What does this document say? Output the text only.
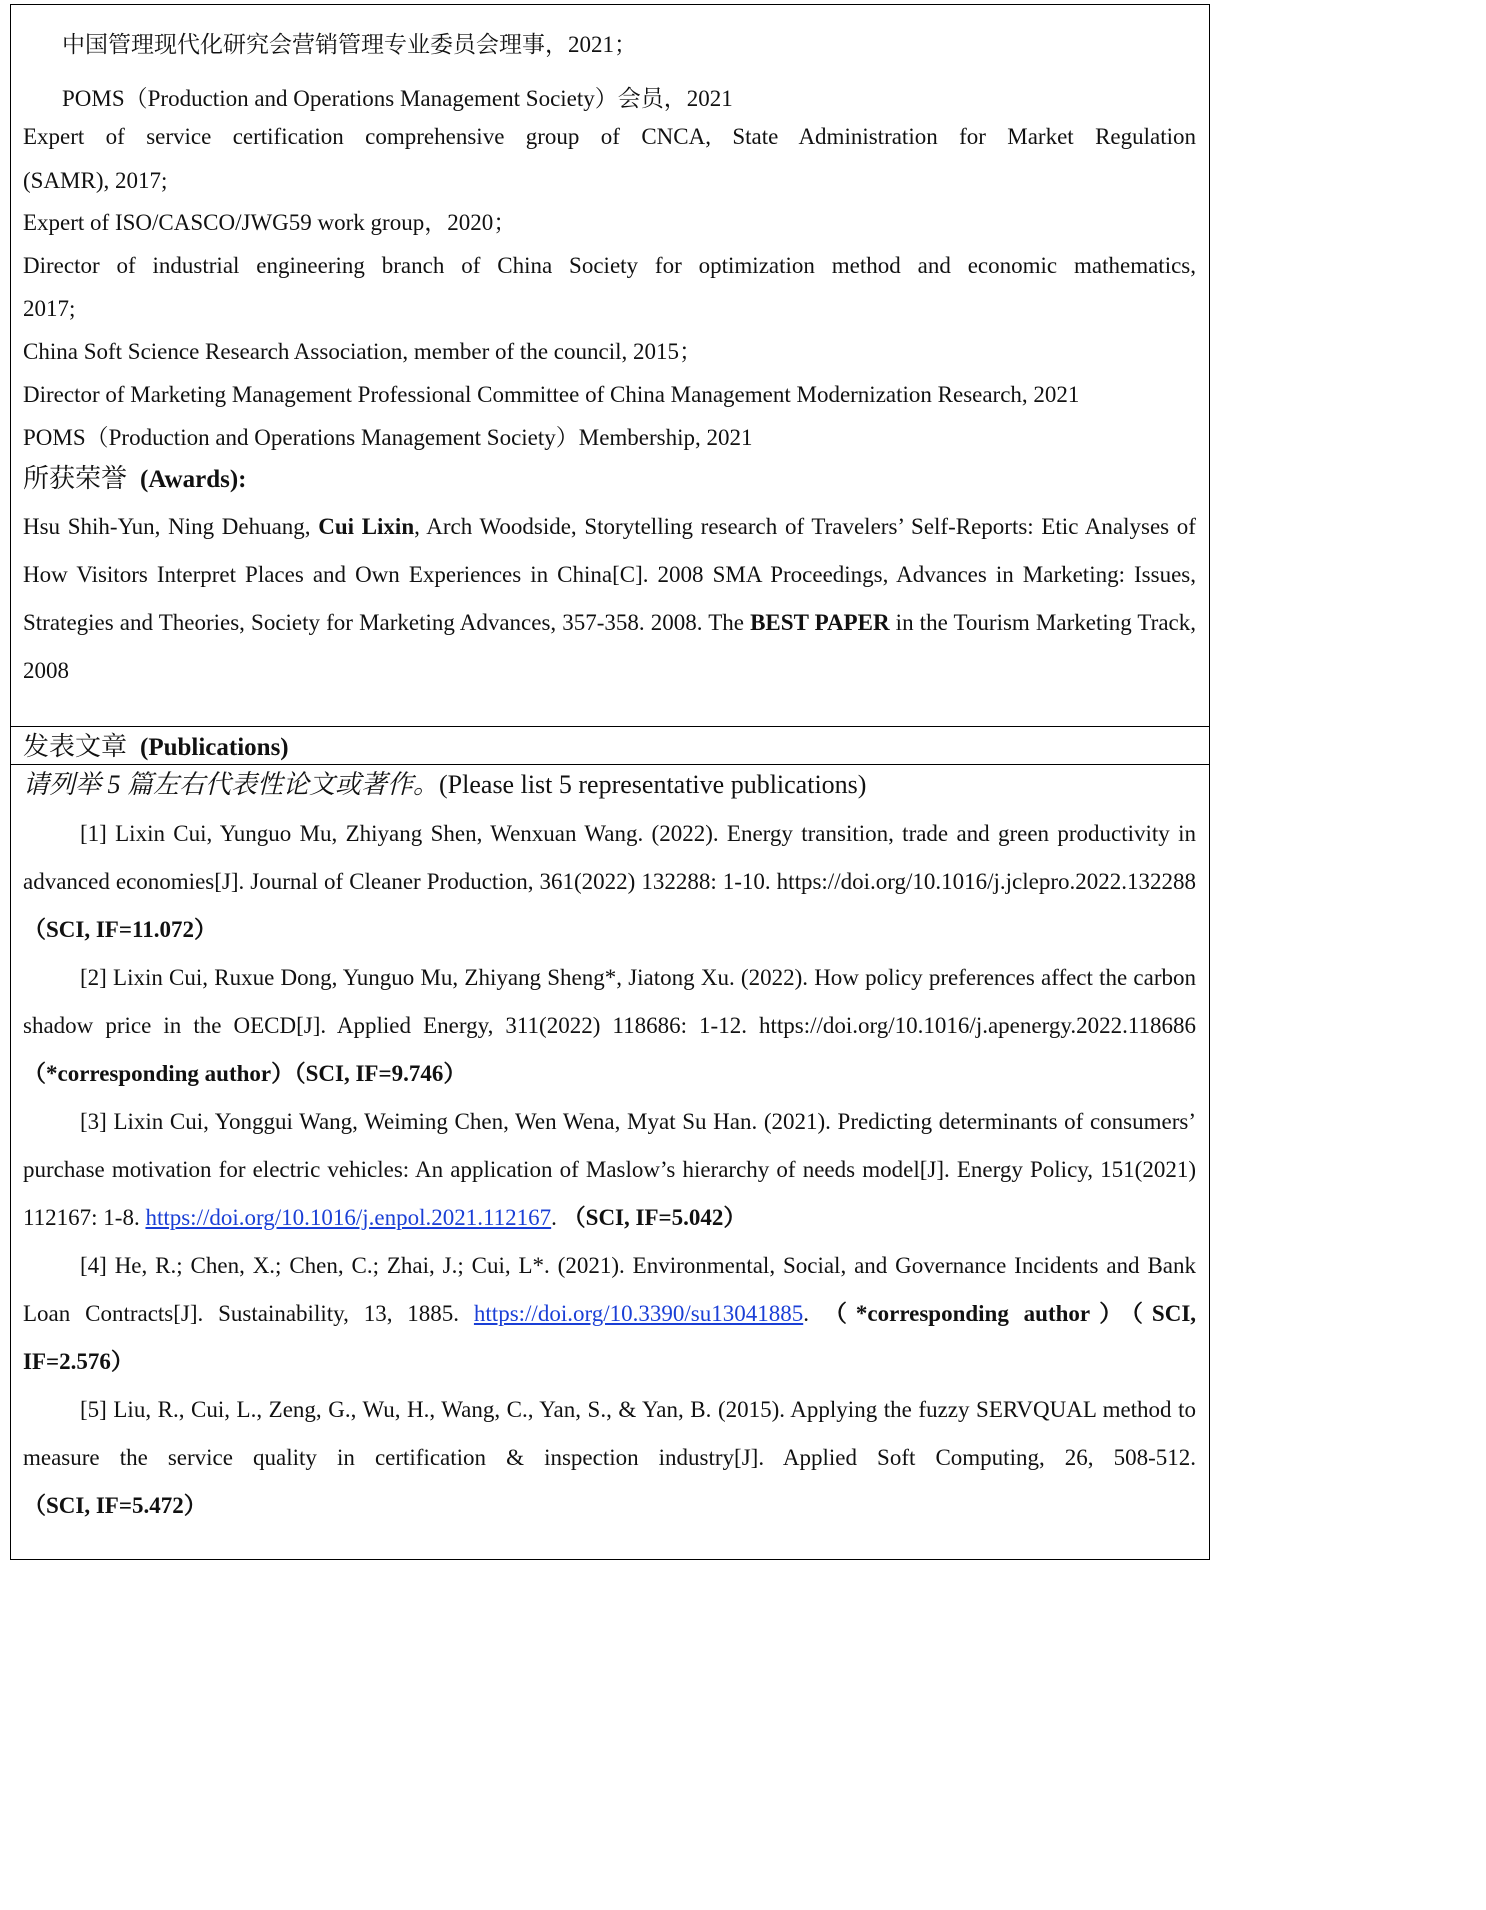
中国管理现代化研究会营销管理专业委员会理事，2021；
POMS（Production and Operations Management Society）会员，2021
Expert of service certification comprehensive group of CNCA, State Administration for Market Regulation
(SAMR), 2017;
Expert of ISO/CASCO/JWG59 work group，2020；
Director of industrial engineering branch of China Society for optimization method and economic mathematics,
2017;
China Soft Science Research Association, member of the council, 2015；
Director of Marketing Management Professional Committee of China Management Modernization Research, 2021
POMS（Production and Operations Management Society）Membership, 2021
所获荣誉 (Awards):
Hsu Shih-Yun, Ning Dehuang, Cui Lixin, Arch Woodside, Storytelling research of Travelers’ Self-Reports: Etic Analyses of How Visitors Interpret Places and Own Experiences in China[C]. 2008 SMA Proceedings, Advances in Marketing: Issues, Strategies and Theories, Society for Marketing Advances, 357-358. 2008. The BEST PAPER in the Tourism Marketing Track, 2008
发表文章 (Publications)
请列举 5 篇左右代表性论文或著作。(Please list 5 representative publications)
[1] Lixin Cui, Yunguo Mu, Zhiyang Shen, Wenxuan Wang. (2022). Energy transition, trade and green productivity in advanced economies[J]. Journal of Cleaner Production, 361(2022) 132288: 1-10. https://doi.org/10.1016/j.jclepro.2022.132288（SCI, IF=11.072）
[2] Lixin Cui, Ruxue Dong, Yunguo Mu, Zhiyang Sheng*, Jiatong Xu. (2022). How policy preferences affect the carbon shadow price in the OECD[J]. Applied Energy, 311(2022) 118686: 1-12. https://doi.org/10.1016/j.apenergy.2022.118686 （*corresponding author）（SCI, IF=9.746）
[3] Lixin Cui, Yonggui Wang, Weiming Chen, Wen Wena, Myat Su Han. (2021). Predicting determinants of consumers’ purchase motivation for electric vehicles: An application of Maslow’s hierarchy of needs model[J]. Energy Policy, 151(2021) 112167: 1-8. https://doi.org/10.1016/j.enpol.2021.112167. （SCI, IF=5.042）
[4] He, R.; Chen, X.; Chen, C.; Zhai, J.; Cui, L*. (2021). Environmental, Social, and Governance Incidents and Bank Loan Contracts[J]. Sustainability, 13, 1885. https://doi.org/10.3390/su13041885. （*corresponding author）（SCI, IF=2.576）
[5] Liu, R., Cui, L., Zeng, G., Wu, H., Wang, C., Yan, S., & Yan, B. (2015). Applying the fuzzy SERVQUAL method to measure the service quality in certification & inspection industry[J]. Applied Soft Computing, 26, 508-512. （SCI, IF=5.472）
